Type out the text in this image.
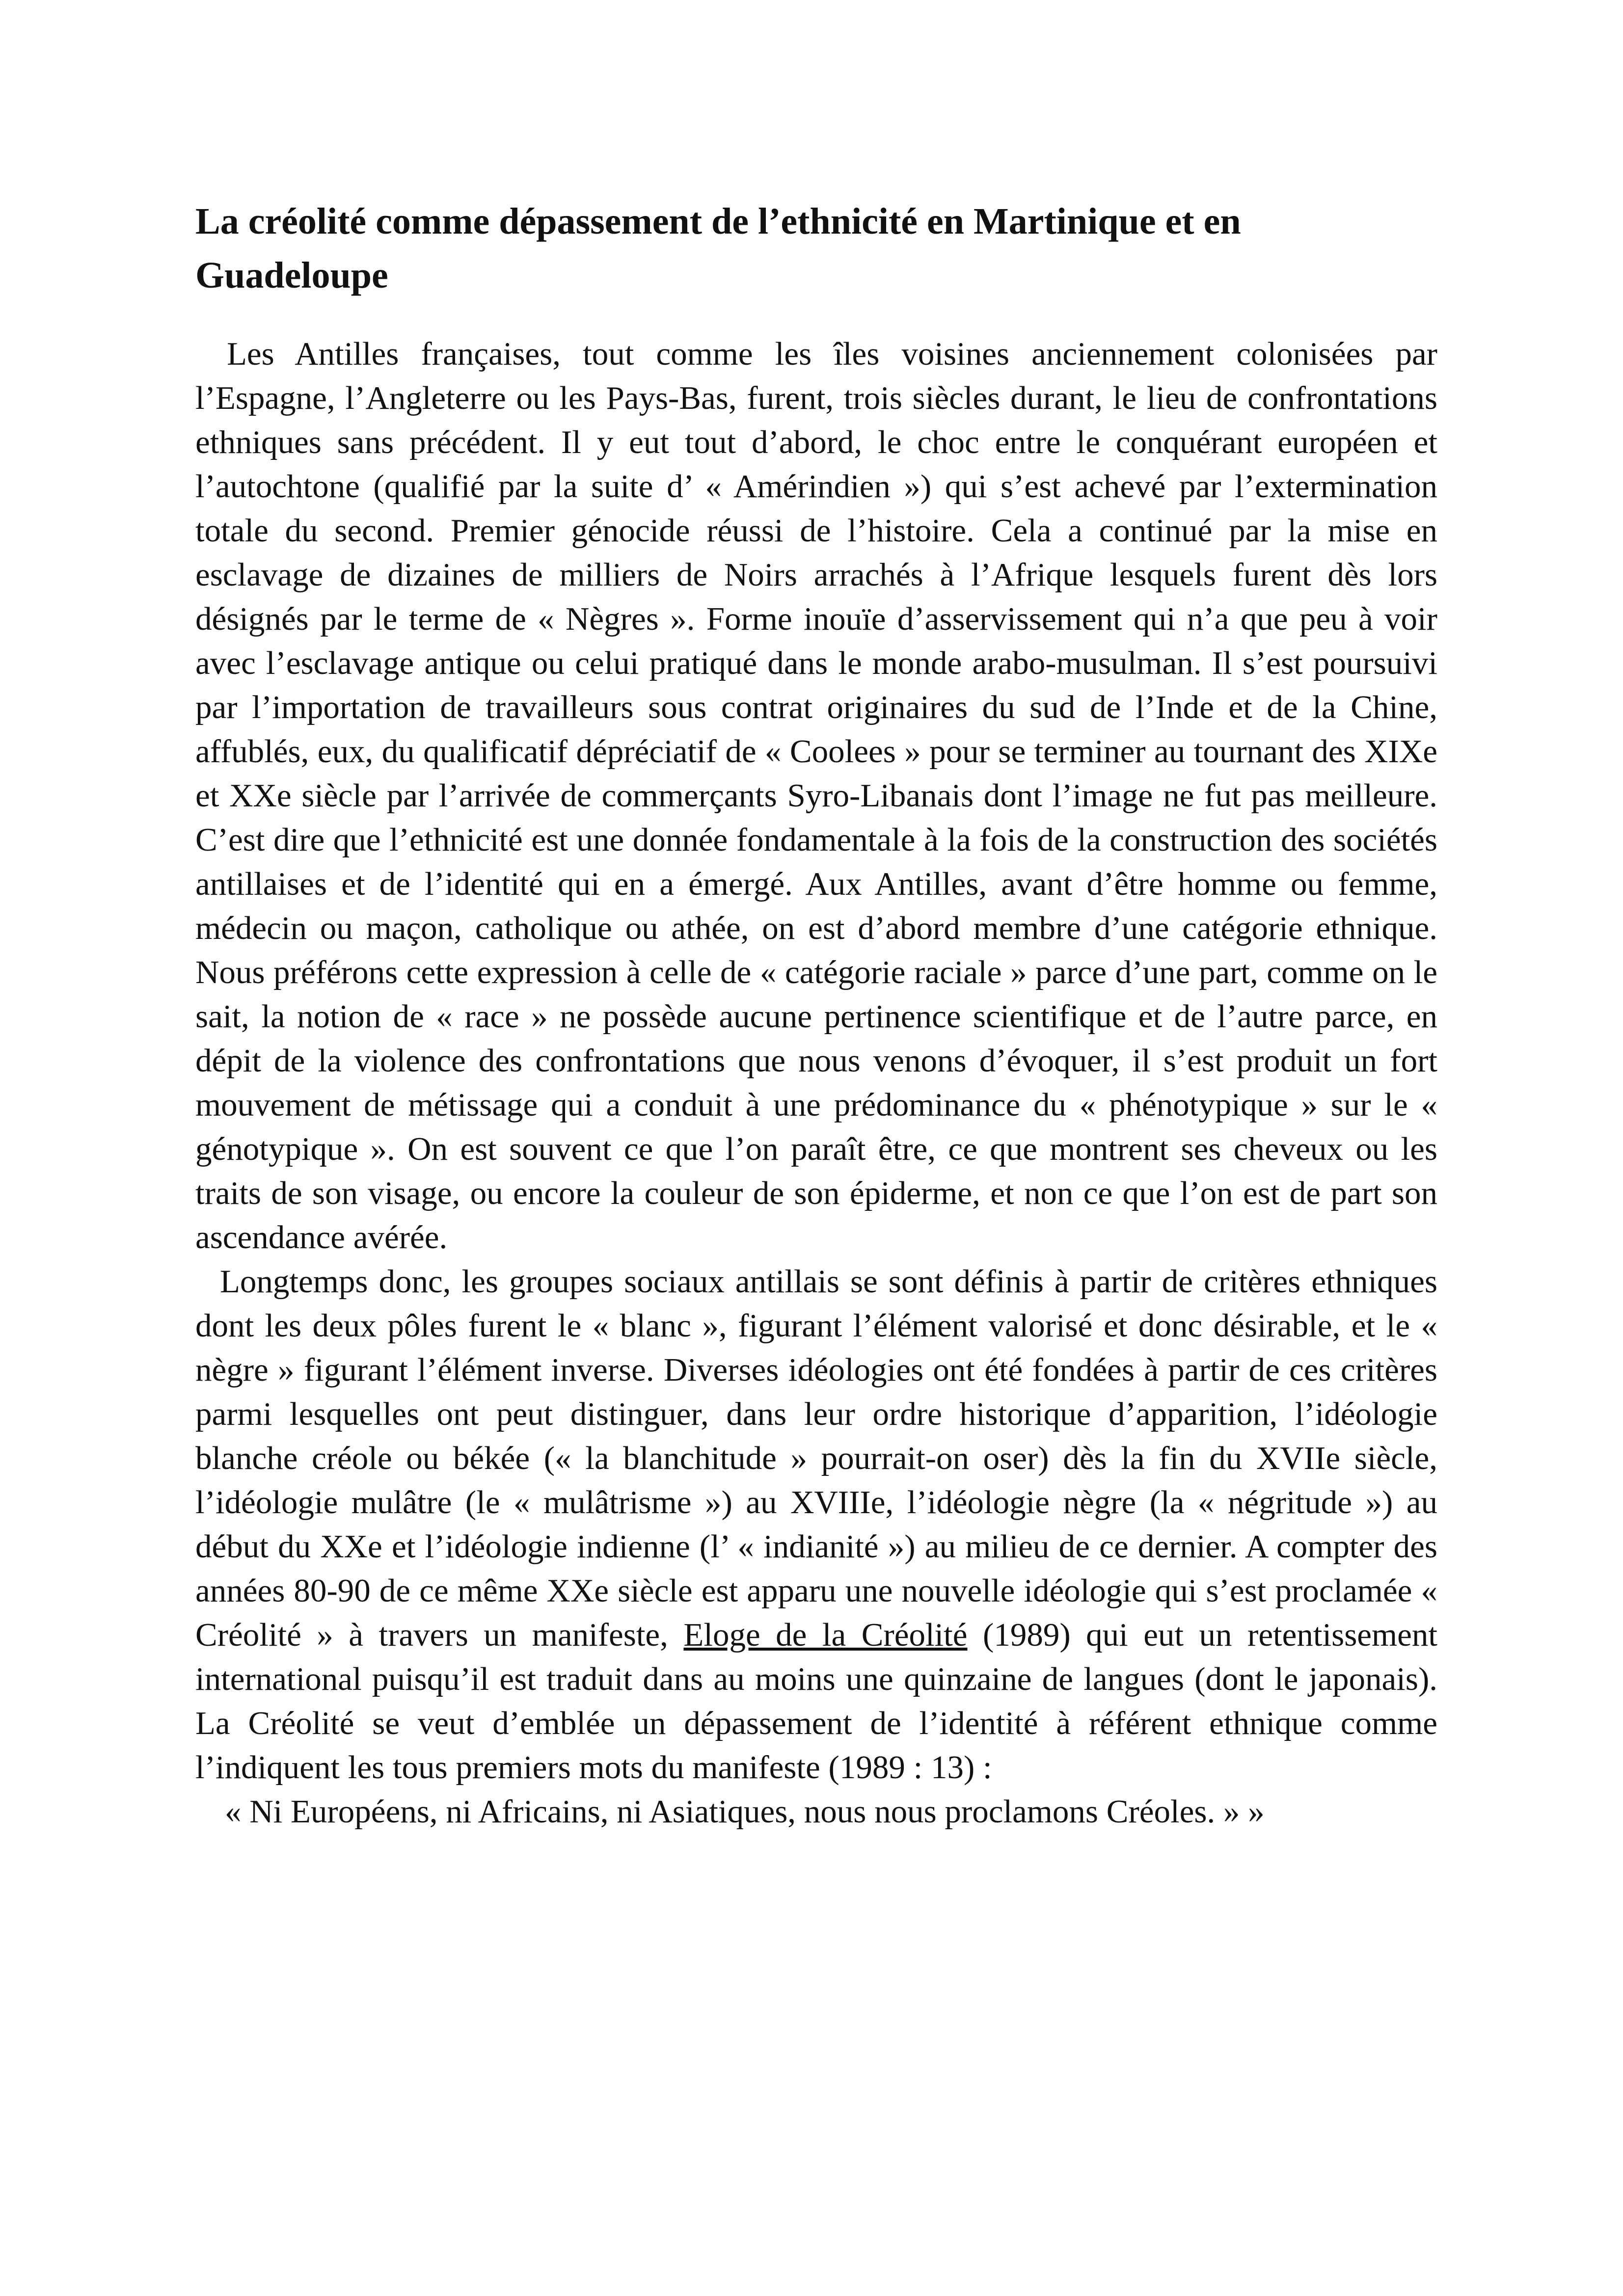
La créolité comme dépassement de l’ethnicité en Martinique et en Guadeloupe

Les Antilles françaises, tout comme les îles voisines anciennement colonisées par l’Espagne, l’Angleterre ou les Pays-Bas, furent, trois siècles durant, le lieu de confrontations ethniques sans précédent. Il y eut tout d’abord, le choc entre le conquérant européen et l’autochtone (qualifié par la suite d’ « Amérindien ») qui s’est achevé par l’extermination totale du second. Premier génocide réussi de l’histoire. Cela a continué par la mise en esclavage de dizaines de milliers de Noirs arrachés à l’Afrique lesquels furent dès lors désignés par le terme de « Nègres ». Forme inouïe d’asservissement qui n’a que peu à voir avec l’esclavage antique ou celui pratiqué dans le monde arabo-musulman. Il s’est poursuivi par l’importation de travailleurs sous contrat originaires du sud de l’Inde et de la Chine, affublés, eux, du qualificatif dépréciatif de « Coolees » pour se terminer au tournant des XIXe et XXe siècle par l’arrivée de commerçants Syro-Libanais dont l’image ne fut pas meilleure. C’est dire que l’ethnicité est une donnée fondamentale à la fois de la construction des sociétés antillaises et de l’identité qui en a émergé. Aux Antilles, avant d’être homme ou femme, médecin ou maçon, catholique ou athée, on est d’abord membre d’une catégorie ethnique. Nous préférons cette expression à celle de « catégorie raciale » parce d’une part, comme on le sait, la notion de « race » ne possède aucune pertinence scientifique et de l’autre parce, en dépit de la violence des confrontations que nous venons d’évoquer, il s’est produit un fort mouvement de métissage qui a conduit à une prédominance du « phénotypique » sur le « génotypique ». On est souvent ce que l’on paraît être, ce que montrent ses cheveux ou les traits de son visage, ou encore la couleur de son épiderme, et non ce que l’on est de part son ascendance avérée.

Longtemps donc, les groupes sociaux antillais se sont définis à partir de critères ethniques dont les deux pôles furent le « blanc », figurant l’élément valorisé et donc désirable, et le « nègre » figurant l’élément inverse. Diverses idéologies ont été fondées à partir de ces critères parmi lesquelles ont peut distinguer, dans leur ordre historique d’apparition, l’idéologie blanche créole ou békée (« la blanchitude » pourrait-on oser) dès la fin du XVIIe siècle, l’idéologie mulâtre (le « mulâtrisme ») au XVIIIe, l’idéologie nègre (la « négritude ») au début du XXe et l’idéologie indienne (l’ « indianité ») au milieu de ce dernier. A compter des années 80-90 de ce même XXe siècle est apparu une nouvelle idéologie qui s’est proclamée « Créolité » à travers un manifeste, Eloge de la Créolité (1989) qui eut un retentissement international puisqu’il est traduit dans au moins une quinzaine de langues (dont le japonais). La Créolité se veut d’emblée un dépassement de l’identité à référent ethnique comme l’indiquent les tous premiers mots du manifeste (1989 : 13) :

« Ni Européens, ni Africains, ni Asiatiques, nous nous proclamons Créoles. » »
